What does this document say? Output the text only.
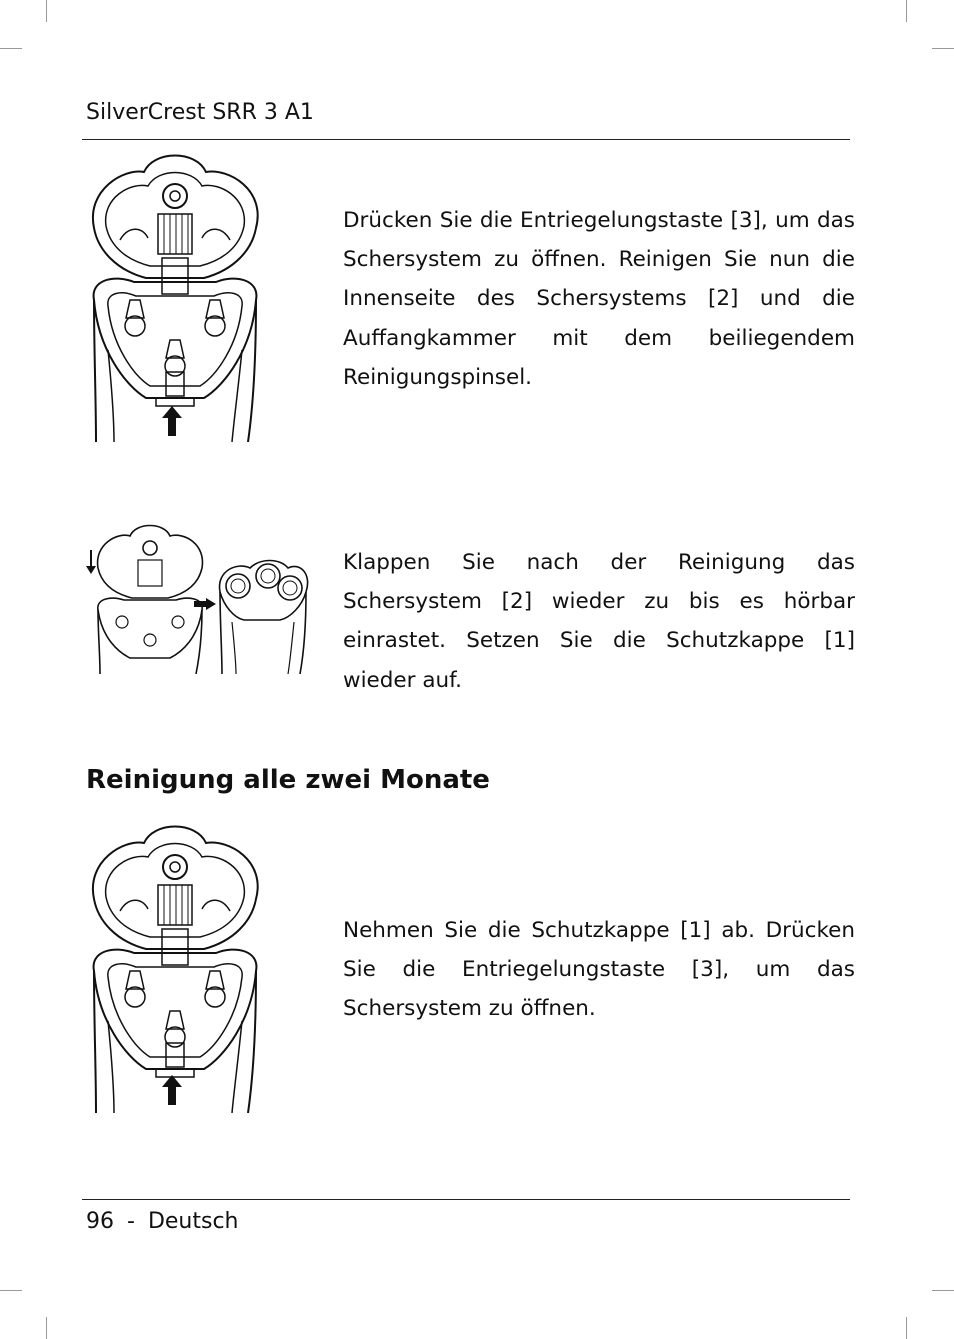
SilverCrest SRR 3 A1
Drücken Sie die Entriegelungstaste [3], um das Schersystem zu öffnen. Reinigen Sie nun die Innenseite des Schersystems [2] und die Auffangkammer mit dem beiliegendem Reinigungspinsel.
Klappen Sie nach der Reinigung das Schersystem [2] wieder zu bis es hörbar einrastet. Setzen Sie die Schutzkappe [1] wieder auf.
Reinigung alle zwei Monate
Nehmen Sie die Schutzkappe [1] ab. Drücken Sie die Entriegelungstaste [3], um das Schersystem zu öffnen.
96 - Deutsch
